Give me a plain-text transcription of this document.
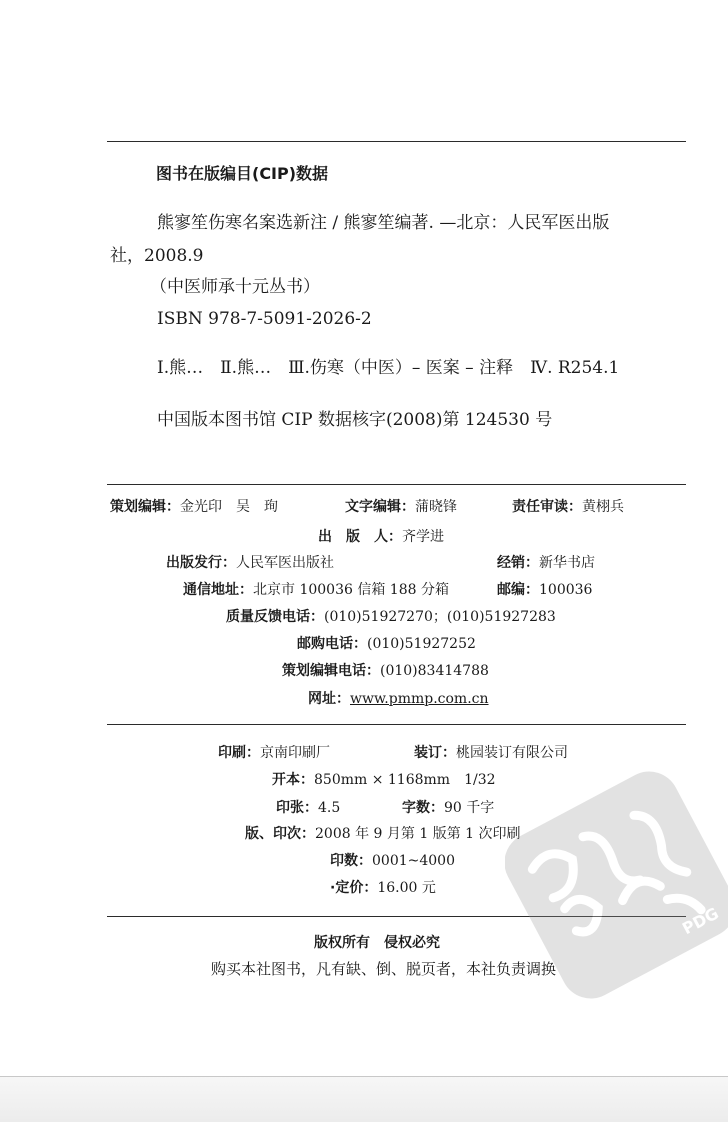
图书在版编目(CIP)数据
熊寥笙伤寒名案选新注 / 熊寥笙编著. —北京：人民军医出版
社，2008.9
（中医师承十元丛书）
ISBN 978-7-5091-2026-2
Ⅰ.熊…　Ⅱ.熊…　Ⅲ.伤寒（中医）– 医案 – 注释　Ⅳ. R254.1
中国版本图书馆 CIP 数据核字(2008)第 124530 号
策划编辑：金光印　吴　珣	文字编辑：蒲晓锋	责任审读：黄栩兵
出　版　人：齐学进
出版发行：人民军医出版社	经销：新华书店
通信地址：北京市 100036 信箱 188 分箱	邮编：100036
质量反馈电话：(010)51927270；(010)51927283
邮购电话：(010)51927252
策划编辑电话：(010)83414788
网址：www.pmmp.com.cn
印刷：京南印刷厂	装订：桃园装订有限公司
开本：850mm × 1168mm　1/32
印张：4.5	字数：90 千字
版、印次：2008 年 9 月第 1 版第 1 次印刷
印数：0001~4000
·定价：16.00 元
版权所有　侵权必究
购买本社图书，凡有缺、倒、脱页者，本社负责调换
PDG
